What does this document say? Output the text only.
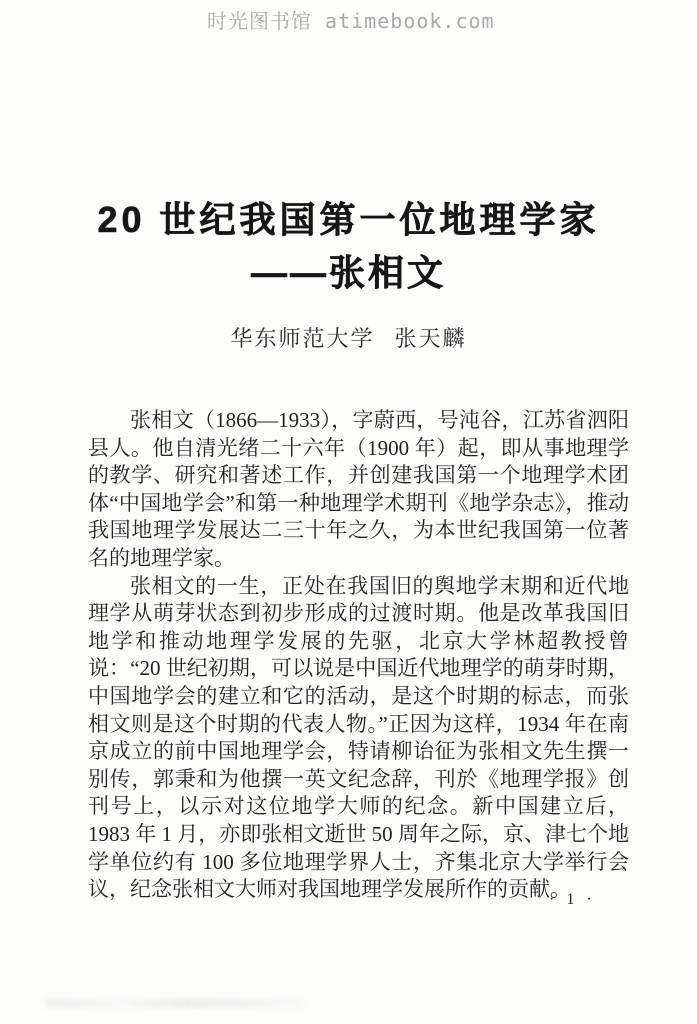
时光图书馆 atimebook.com
20 世纪我国第一位地理学家
——张相文
华东师范大学 张天麟

张相文（1866—1933），字蔚西，号沌谷，江苏省泗阳县人。他自清光绪二十六年（1900 年）起，即从事地理学的教学、研究和著述工作，并创建我国第一个地理学术团体“中国地学会”和第一种地理学术期刊《地学杂志》，推动我国地理学发展达二三十年之久，为本世纪我国第一位著名的地理学家。

张相文的一生，正处在我国旧的舆地学末期和近代地理学从萌芽状态到初步形成的过渡时期。他是改革我国旧地学和推动地理学发展的先驱，北京大学林超教授曾说：“20 世纪初期，可以说是中国近代地理学的萌芽时期，中国地学会的建立和它的活动，是这个时期的标志，而张相文则是这个时期的代表人物。”正因为这样，1934 年在南京成立的前中国地理学会，特请柳诒征为张相文先生撰一别传，郭秉和为他撰一英文纪念辞，刊於《地理学报》创刊号上，以示对这位地学大师的纪念。新中国建立后，1983 年 1 月，亦即张相文逝世 50 周年之际，京、津七个地学单位约有 100 多位地理学界人士，齐集北京大学举行会议，纪念张相文大师对我国地理学发展所作的贡献。

· 1 ·
